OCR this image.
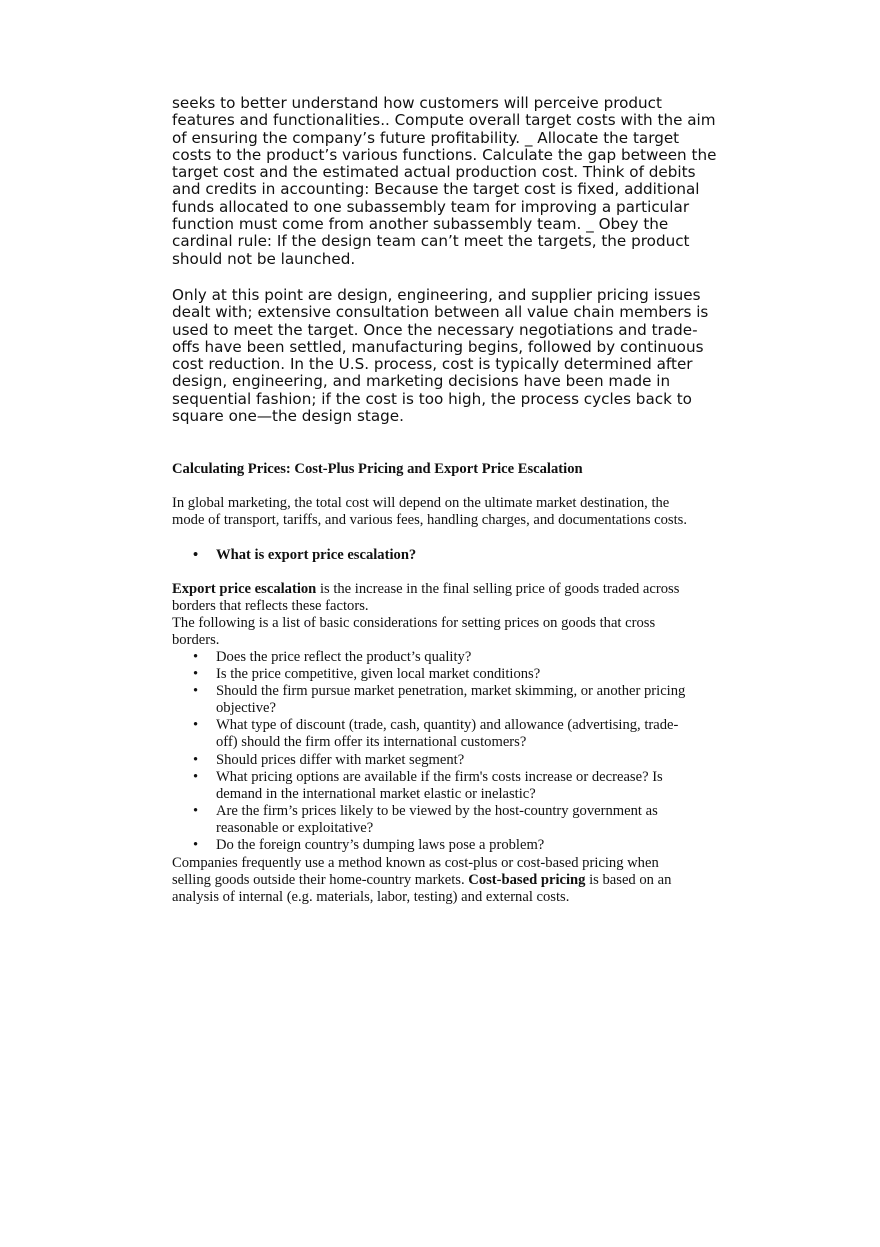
seeks to better understand how customers will perceive product
features and functionalities.. Compute overall target costs with the aim
of ensuring the company’s future profitability. _ Allocate the target
costs to the product’s various functions. Calculate the gap between the
target cost and the estimated actual production cost. Think of debits
and credits in accounting: Because the target cost is fixed, additional
funds allocated to one subassembly team for improving a particular
function must come from another subassembly team. _ Obey the
cardinal rule: If the design team can’t meet the targets, the product
should not be launched.
Only at this point are design, engineering, and supplier pricing issues
dealt with; extensive consultation between all value chain members is
used to meet the target. Once the necessary negotiations and trade-
offs have been settled, manufacturing begins, followed by continuous
cost reduction. In the U.S. process, cost is typically determined after
design, engineering, and marketing decisions have been made in
sequential fashion; if the cost is too high, the process cycles back to
square one—the design stage.
Calculating Prices: Cost-Plus Pricing and Export Price Escalation
In global marketing, the total cost will depend on the ultimate market destination, the
mode of transport, tariffs, and various fees, handling charges, and documentations costs.
• What is export price escalation?
Export price escalation is the increase in the final selling price of goods traded across
borders that reflects these factors.
The following is a list of basic considerations for setting prices on goods that cross
borders.
• Does the price reflect the product’s quality?
• Is the price competitive, given local market conditions?
• Should the firm pursue market penetration, market skimming, or another pricing
objective?
• What type of discount (trade, cash, quantity) and allowance (advertising, trade-
off) should the firm offer its international customers?
• Should prices differ with market segment?
• What pricing options are available if the firm's costs increase or decrease? Is
demand in the international market elastic or inelastic?
• Are the firm’s prices likely to be viewed by the host-country government as
reasonable or exploitative?
• Do the foreign country’s dumping laws pose a problem?
Companies frequently use a method known as cost-plus or cost-based pricing when
selling goods outside their home-country markets. Cost-based pricing is based on an
analysis of internal (e.g. materials, labor, testing) and external costs.
